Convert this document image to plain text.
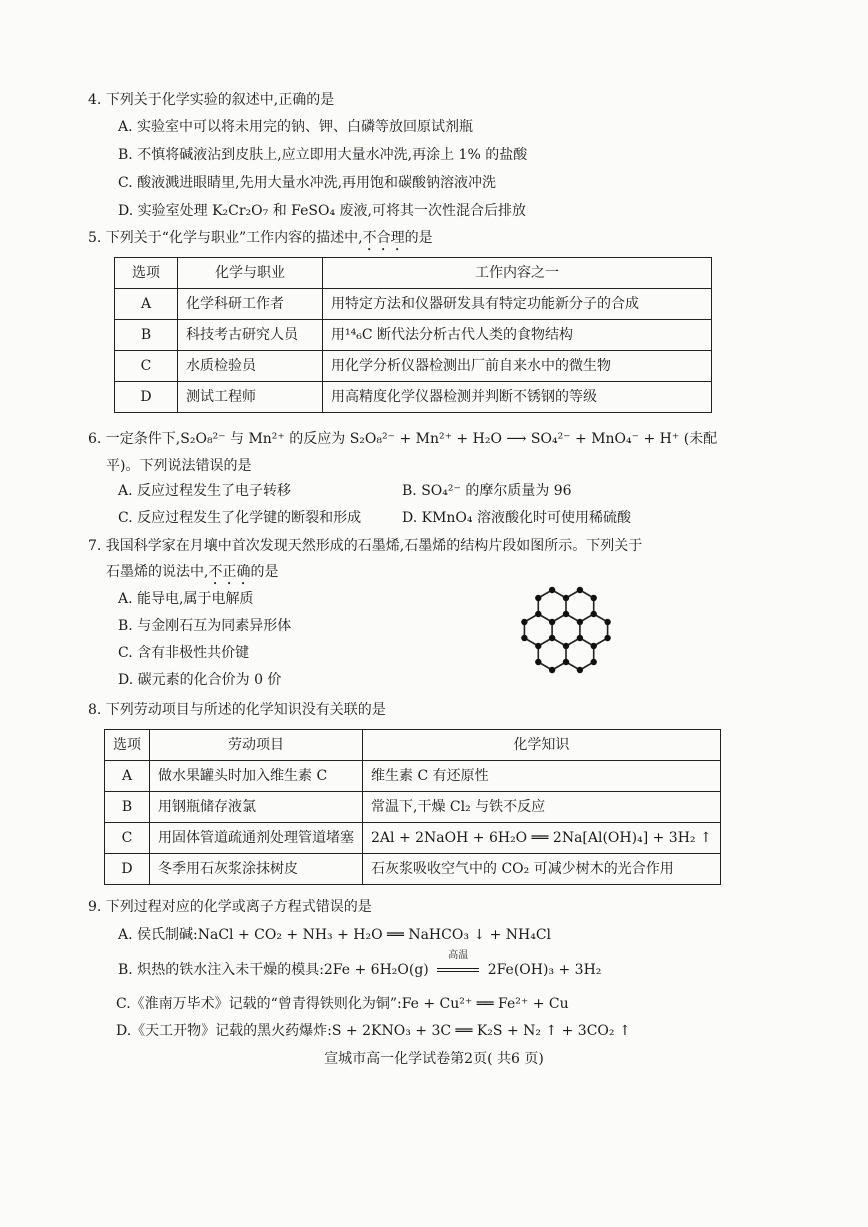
4. 下列关于化学实验的叙述中,正确的是
A. 实验室中可以将未用完的钠、钾、白磷等放回原试剂瓶
B. 不慎将碱液沾到皮肤上,应立即用大量水冲洗,再涂上 1% 的盐酸
C. 酸液溅进眼睛里,先用大量水冲洗,再用饱和碳酸钠溶液冲洗
D. 实验室处理 K₂Cr₂O₇ 和 FeSO₄ 废液,可将其一次性混合后排放
5. 下列关于“化学与职业”工作内容的描述中,不合理的是
选项	化学与职业	工作内容之一
A	化学科研工作者	用特定方法和仪器研发具有特定功能新分子的合成
B	科技考古研究人员	用¹⁴₆C 断代法分析古代人类的食物结构
C	水质检验员	用化学分析仪器检测出厂前自来水中的微生物
D	测试工程师	用高精度化学仪器检测并判断不锈钢的等级
6. 一定条件下,S₂O₈²⁻ 与 Mn²⁺ 的反应为 S₂O₈²⁻ + Mn²⁺ + H₂O ⟶ SO₄²⁻ + MnO₄⁻ + H⁺ (未配
平)。下列说法错误的是
A. 反应过程发生了电子转移	B. SO₄²⁻ 的摩尔质量为 96
C. 反应过程发生了化学键的断裂和形成	D. KMnO₄ 溶液酸化时可使用稀硫酸
7. 我国科学家在月壤中首次发现天然形成的石墨烯,石墨烯的结构片段如图所示。下列关于
石墨烯的说法中,不正确的是
A. 能导电,属于电解质
B. 与金刚石互为同素异形体
C. 含有非极性共价键
D. 碳元素的化合价为 0 价
8. 下列劳动项目与所述的化学知识没有关联的是
选项	劳动项目	化学知识
A	做水果罐头时加入维生素 C	维生素 C 有还原性
B	用钢瓶储存液氯	常温下,干燥 Cl₂ 与铁不反应
C	用固体管道疏通剂处理管道堵塞	2Al + 2NaOH + 6H₂O ══ 2Na[Al(OH)₄] + 3H₂ ↑
D	冬季用石灰浆涂抹树皮	石灰浆吸收空气中的 CO₂ 可减少树木的光合作用
9. 下列过程对应的化学或离子方程式错误的是
A. 侯氏制碱:NaCl + CO₂ + NH₃ + H₂O ══ NaHCO₃ ↓ + NH₄Cl
B. 炽热的铁水注入未干燥的模具:2Fe + 6H₂O(g)
高温
2Fe(OH)₃ + 3H₂
C.《淮南万毕术》记载的“曾青得铁则化为铜”:Fe + Cu²⁺ ══ Fe²⁺ + Cu
D.《天工开物》记载的黑火药爆炸:S + 2KNO₃ + 3C ══ K₂S + N₂ ↑ + 3CO₂ ↑
宣城市高一化学试卷第2页( 共6 页)
